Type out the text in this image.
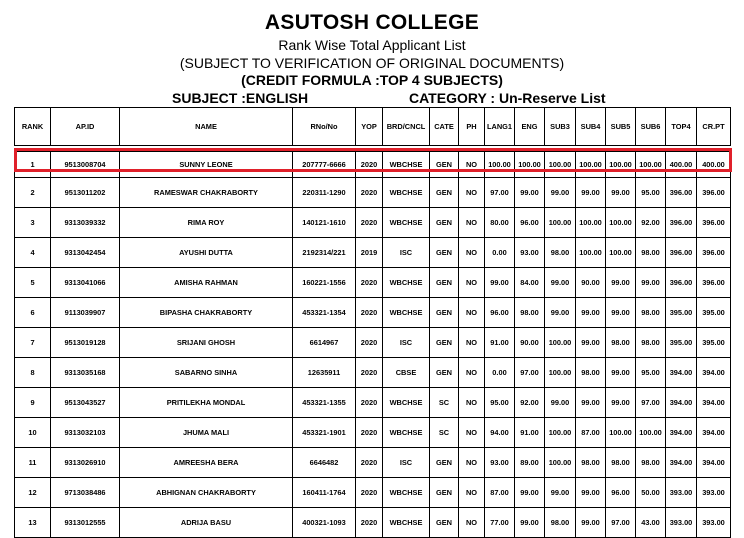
ASUTOSH COLLEGE
Rank Wise Total Applicant List
(SUBJECT TO VERIFICATION OF ORIGINAL DOCUMENTS)
(CREDIT FORMULA :TOP 4 SUBJECTS)
SUBJECT :ENGLISH	CATEGORY : Un-Reserve List
RANK	AP.ID	NAME	RNo/No	YOP	BRD/CNCL	CATE	PH	LANG1	ENG	SUB3	SUB4	SUB5	SUB6	TOP4	CR.PT

1	9513008704	SUNNY LEONE	207777-6666	2020	WBCHSE	GEN	NO	100.00	100.00	100.00	100.00	100.00	100.00	400.00	400.00
2	9513011202	RAMESWAR CHAKRABORTY	220311-1290	2020	WBCHSE	GEN	NO	97.00	99.00	99.00	99.00	99.00	95.00	396.00	396.00
3	9313039332	RIMA ROY	140121-1610	2020	WBCHSE	GEN	NO	80.00	96.00	100.00	100.00	100.00	92.00	396.00	396.00
4	9313042454	AYUSHI DUTTA	2192314/221	2019	ISC	GEN	NO	0.00	93.00	98.00	100.00	100.00	98.00	396.00	396.00
5	9313041066	AMISHA RAHMAN	160221-1556	2020	WBCHSE	GEN	NO	99.00	84.00	99.00	90.00	99.00	99.00	396.00	396.00
6	9113039907	BIPASHA CHAKRABORTY	453321-1354	2020	WBCHSE	GEN	NO	96.00	98.00	99.00	99.00	99.00	98.00	395.00	395.00
7	9513019128	SRIJANI GHOSH	6614967	2020	ISC	GEN	NO	91.00	90.00	100.00	99.00	98.00	98.00	395.00	395.00
8	9313035168	SABARNO SINHA	12635911	2020	CBSE	GEN	NO	0.00	97.00	100.00	98.00	99.00	95.00	394.00	394.00
9	9513043527	PRITILEKHA MONDAL	453321-1355	2020	WBCHSE	SC	NO	95.00	92.00	99.00	99.00	99.00	97.00	394.00	394.00
10	9313032103	JHUMA MALI	453321-1901	2020	WBCHSE	SC	NO	94.00	91.00	100.00	87.00	100.00	100.00	394.00	394.00
11	9313026910	AMREESHA BERA	6646482	2020	ISC	GEN	NO	93.00	89.00	100.00	98.00	98.00	98.00	394.00	394.00
12	9713038486	ABHIGNAN CHAKRABORTY	160411-1764	2020	WBCHSE	GEN	NO	87.00	99.00	99.00	99.00	96.00	50.00	393.00	393.00
13	9313012555	ADRIJA BASU	400321-1093	2020	WBCHSE	GEN	NO	77.00	99.00	98.00	99.00	97.00	43.00	393.00	393.00
